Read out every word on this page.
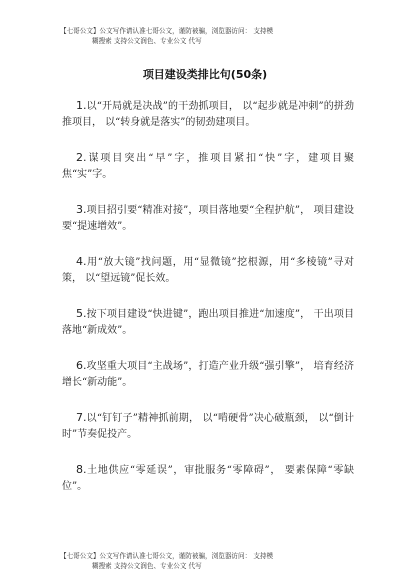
【七哥公文】公文写作请认准七哥公文，谨防被骗，浏览器访问： 支持模
糊搜索 支持公文润色、专业公文 代写
项目建设类排比句(50条)

1.以“开局就是决战”的干劲抓项目， 以“起步就是冲刺”的拼劲推项目， 以“转身就是落实”的韧劲建项目。

2.谋项目突出“早”字，推项目紧扣“快”字，建项目聚焦“实”字。

3.项目招引要“精准对接”，项目落地要“全程护航”， 项目建设要“提速增效”。

4.用“放大镜”找问题，用“显微镜”挖根源，用“多棱镜”寻对策， 以“望远镜”促长效。

5.按下项目建设“快进键”，跑出项目推进“加速度”， 干出项目落地“新成效”。

6.攻坚重大项目“主战场”，打造产业升级“强引擎”， 培育经济增长“新动能”。

7.以“钉钉子”精神抓前期， 以“啃硬骨”决心破瓶颈， 以“倒计时”节奏促投产。

8.土地供应“零延误”，审批服务“零障碍”， 要素保障“零缺位”。

【七哥公文】公文写作请认准七哥公文，谨防被骗，浏览器访问： 支持模
糊搜索 支持公文润色、专业公文 代写
